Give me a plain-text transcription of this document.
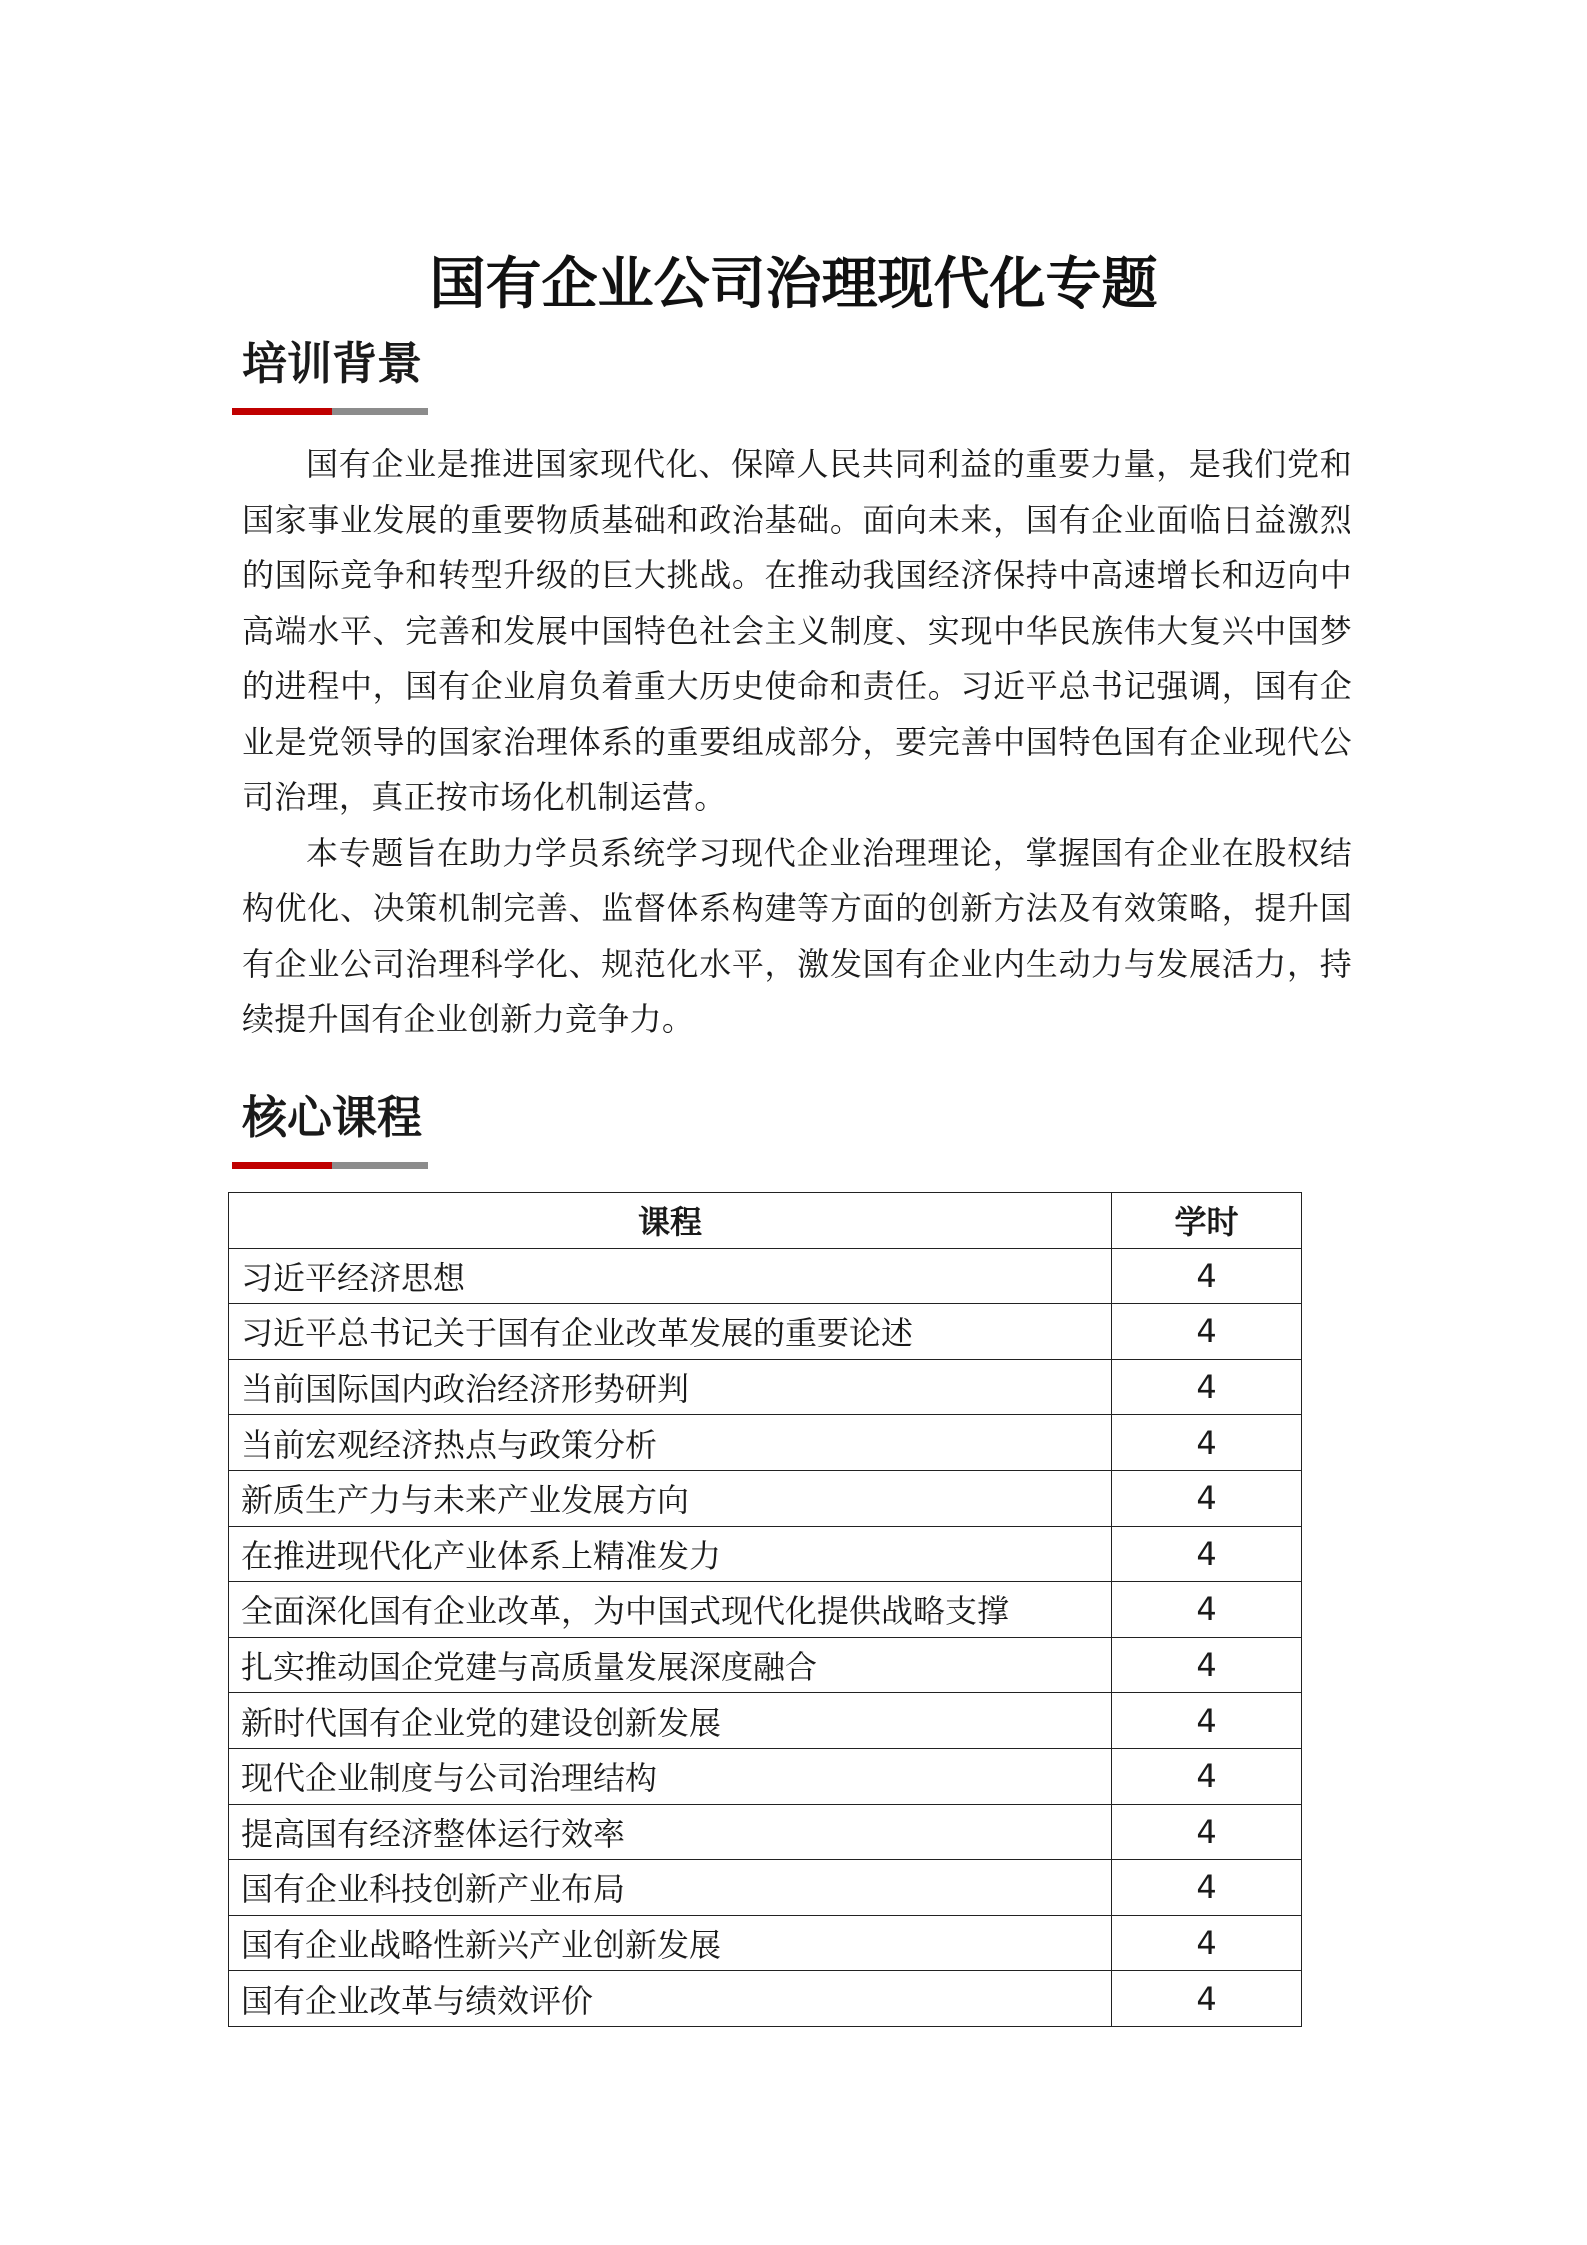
国有企业公司治理现代化专题
培训背景

国有企业是推进国家现代化、保障人民共同利益的重要力量，是我们党和国家事业发展的重要物质基础和政治基础。面向未来，国有企业面临日益激烈的国际竞争和转型升级的巨大挑战。在推动我国经济保持中高速增长和迈向中高端水平、完善和发展中国特色社会主义制度、实现中华民族伟大复兴中国梦的进程中，国有企业肩负着重大历史使命和责任。习近平总书记强调，国有企业是党领导的国家治理体系的重要组成部分，要完善中国特色国有企业现代公司治理，真正按市场化机制运营。

本专题旨在助力学员系统学习现代企业治理理论，掌握国有企业在股权结构优化、决策机制完善、监督体系构建等方面的创新方法及有效策略，提升国有企业公司治理科学化、规范化水平，激发国有企业内生动力与发展活力，持续提升国有企业创新力竞争力。

核心课程
课程	学时
习近平经济思想	4
习近平总书记关于国有企业改革发展的重要论述	4
当前国际国内政治经济形势研判	4
当前宏观经济热点与政策分析	4
新质生产力与未来产业发展方向	4
在推进现代化产业体系上精准发力	4
全面深化国有企业改革，为中国式现代化提供战略支撑	4
扎实推动国企党建与高质量发展深度融合	4
新时代国有企业党的建设创新发展	4
现代企业制度与公司治理结构	4
提高国有经济整体运行效率	4
国有企业科技创新产业布局	4
国有企业战略性新兴产业创新发展	4
国有企业改革与绩效评价	4
